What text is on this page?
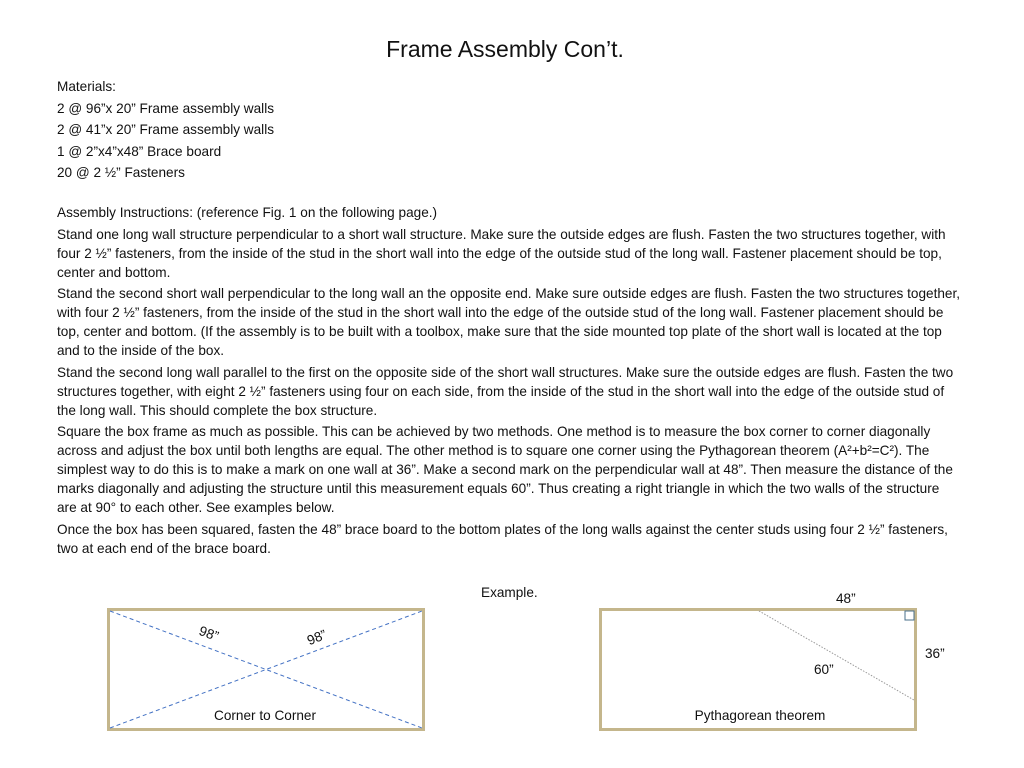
Frame Assembly Con’t.

Materials:

2 @ 96”x 20” Frame assembly walls

2 @ 41”x 20” Frame assembly walls

1 @ 2”x4”x48” Brace board

20 @ 2 ½” Fasteners

Assembly Instructions: (reference Fig. 1 on the following page.)

Stand one long wall structure perpendicular to a short wall structure. Make sure the outside edges are flush. Fasten the two structures together, with four 2 ½” fasteners, from the inside of the stud in the short wall into the edge of the outside stud of the long wall. Fastener placement should be top, center and bottom.

Stand the second short wall perpendicular to the long wall an the opposite end. Make sure outside edges are flush. Fasten the two structures together, with four 2 ½” fasteners, from the inside of the stud in the short wall into the edge of the outside stud of the long wall. Fastener placement should be top, center and bottom. (If the assembly is to be built with a toolbox, make sure that the side mounted top plate of the short wall is located at the top and to the inside of the box.

Stand the second long wall parallel to the first on the opposite side of the short wall structures. Make sure the outside edges are flush. Fasten the two structures together, with eight 2 ½” fasteners using four on each side, from the inside of the stud in the short wall into the edge of the outside stud of the long wall. This should complete the box structure.

Square the box frame as much as possible. This can be achieved by two methods. One method is to measure the box corner to corner diagonally across and adjust the box until both lengths are equal. The other method is to square one corner using the Pythagorean theorem (A²+b²=C²). The simplest way to do this is to make a mark on one wall at 36”. Make a second mark on the perpendicular wall at 48”. Then measure the distance of the marks diagonally and adjusting the structure until this measurement equals 60”. Thus creating a right triangle in which the two walls of the structure are at 90° to each other. See examples below.

Once the box has been squared, fasten the 48” brace board to the bottom plates of the long walls against the center studs using four 2 ½” fasteners, two at each end of the brace board.

Example.
98”	98”
Corner to Corner
48”
36”
60”
Pythagorean theorem
